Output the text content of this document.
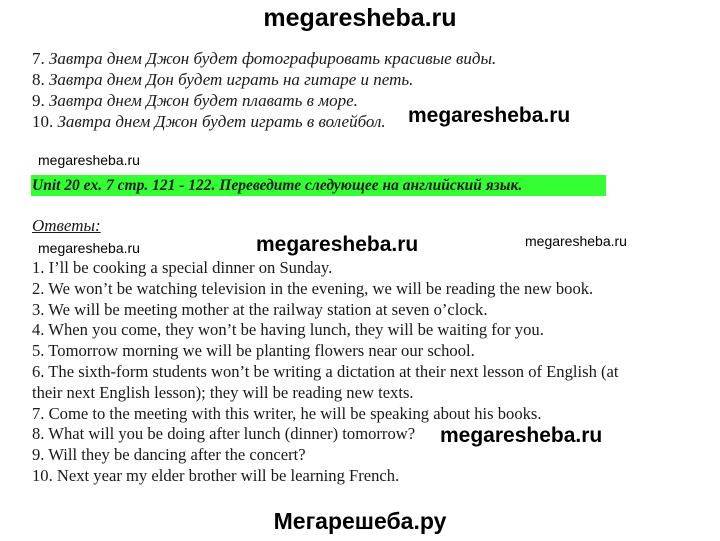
megaresheba.ru
7. Завтра днем Джон будет фотографировать красивые виды.
8. Завтра днем Дон будет играть на гитаре и петь.
9. Завтра днем Джон будет плавать в море.
10. Завтра днем Джон будет играть в волейбол.	megaresheba.ru
megaresheba.ru
Unit 20 ex. 7 стр. 121 - 122. Переведите следующее на английский язык.
Ответы:
megaresheba.ru	megaresheba.ru
megaresheba.ru
1. I’ll be cooking a special dinner on Sunday.
2. We won’t be watching television in the evening, we will be reading the new book.
3. We will be meeting mother at the railway station at seven o’clock.
4. When you come, they won’t be having lunch, they will be waiting for you.
5. Tomorrow morning we will be planting flowers near our school.
6. The sixth-form students won’t be writing a dictation at their next lesson of English (at
their next English lesson); they will be reading new texts.
7. Come to the meeting with this writer, he will be speaking about his books.
8. What will you be doing after lunch (dinner) tomorrow?
9. Will they be dancing after the concert?
10. Next year my elder brother will be learning French.
megaresheba.ru
Мегарешеба.ру
